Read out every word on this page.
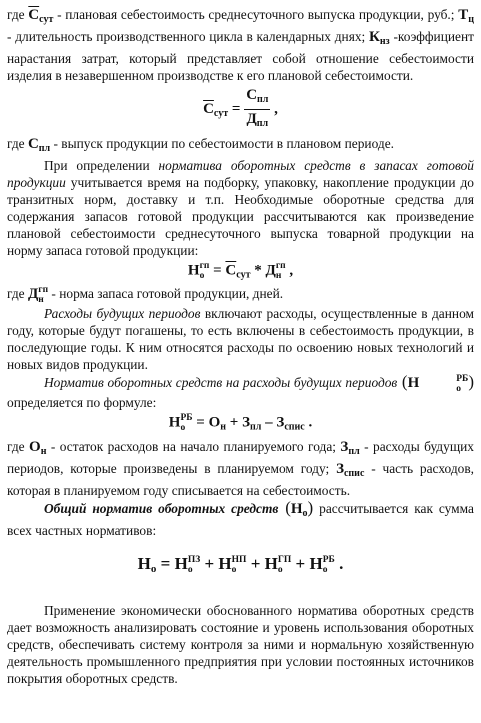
где $С_{сут}$ - плановая себестоимость среднесуточного выпуска продукции, руб.; $Т_ц$ - длительность производственного цикла в календарных днях; $К_{нз}$ -коэффициент нарастания затрат, который представляет собой отношение себестоимости изделия в незавершенном производстве к его плановой себестоимости.

$С_{сут} = \frac{С_{пл}}{Д_{пл}}$ ,

где $С_{пл}$ - выпуск продукции по себестоимости в плановом периоде.

При определении норматива оборотных средств в запасах готовой продукции учитывается время на подборку, упаковку, накопление продукции до транзитных норм, доставку и т.п. Необходимые оборотные средства для содержания запасов готовой продукции рассчитываются как произведение плановой себестоимости среднесуточного выпуска товарной продукции на норму запаса готовой продукции:

Н гп
$о = С_{сут} * Д$ гп
н ,

где Д гп
н - норма запаса готовой продукции, дней.

Расходы будущих периодов включают расходы, осуществленные в данном году, которые будут погашены, то есть включены в себестоимость продукции, в последующие годы. К ним относятся расходы по освоению новых технологий и новых видов продукции.

Норматив оборотных средств на расходы будущих периодов (Н	РБ
о ) определяется по формуле:

Н РБ
$о = О_н + З_{пл} - З_{спис}$ .

где $О_н$ - остаток расходов на начало планируемого года; $З_{пл}$ - расходы будущих периодов, которые произведены в планируемом году; $З_{спис}$ - часть расходов, которая в планируемом году списывается на себестоимость.

Общий норматив оборотных средств $(Н_о)$ рассчитывается как сумма всех частных нормативов:

$Н_о = Н$ ПЗ
о + Н НП
о + Н ГП
о + Н РБ
о .

Применение экономически обоснованного норматива оборотных средств дает возможность анализировать состояние и уровень использования оборотных средств, обеспечивать систему контроля за ними и нормальную хозяйственную деятельность промышленного предприятия при условии постоянных источников покрытия оборотных средств.
